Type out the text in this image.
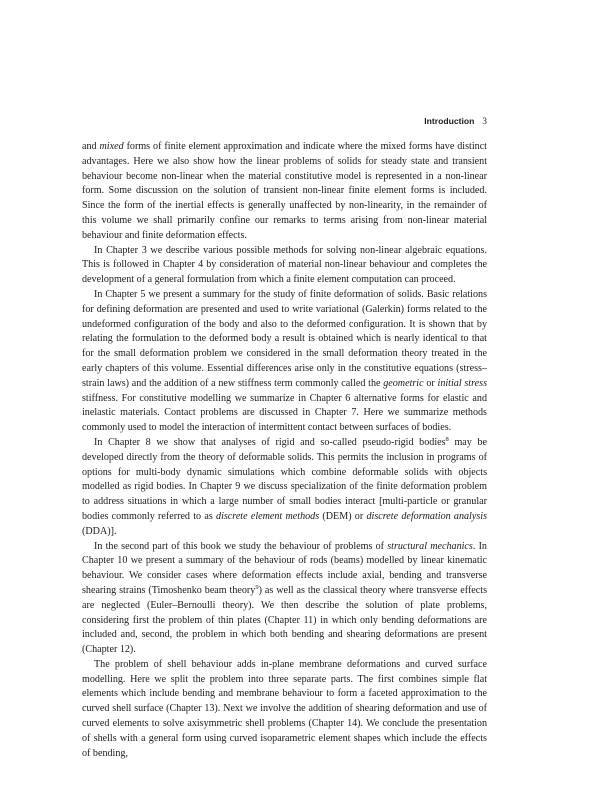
Introduction 3

and mixed forms of finite element approximation and indicate where the mixed forms have distinct advantages. Here we also show how the linear problems of solids for steady state and transient behaviour become non-linear when the material constitutive model is represented in a non-linear form. Some discussion on the solution of transient non-linear finite element forms is included. Since the form of the inertial effects is generally unaffected by non-linearity, in the remainder of this volume we shall primarily confine our remarks to terms arising from non-linear material behaviour and finite deformation effects.

In Chapter 3 we describe various possible methods for solving non-linear algebraic equations. This is followed in Chapter 4 by consideration of material non-linear behaviour and completes the development of a general formulation from which a finite element computation can proceed.

In Chapter 5 we present a summary for the study of finite deformation of solids. Basic relations for defining deformation are presented and used to write variational (Galerkin) forms related to the undeformed configuration of the body and also to the deformed configuration. It is shown that by relating the formulation to the deformed body a result is obtained which is nearly identical to that for the small deformation problem we considered in the small deformation theory treated in the early chapters of this volume. Essential differences arise only in the constitutive equations (stress–strain laws) and the addition of a new stiffness term commonly called the geometric or initial stress stiffness. For constitutive modelling we summarize in Chapter 6 alternative forms for elastic and inelastic materials. Contact problems are discussed in Chapter 7. Here we summarize methods commonly used to model the interaction of intermittent contact between surfaces of bodies.

In Chapter 8 we show that analyses of rigid and so-called pseudo-rigid bodies$^8$ may be developed directly from the theory of deformable solids. This permits the inclusion in programs of options for multi-body dynamic simulations which combine deformable solids with objects modelled as rigid bodies. In Chapter 9 we discuss specialization of the finite deformation problem to address situations in which a large number of small bodies interact [multi-particle or granular bodies commonly referred to as discrete element methods (DEM) or discrete deformation analysis (DDA)].

In the second part of this book we study the behaviour of problems of structural mechanics. In Chapter 10 we present a summary of the behaviour of rods (beams) modelled by linear kinematic behaviour. We consider cases where deformation effects include axial, bending and transverse shearing strains (Timoshenko beam theory$^9$) as well as the classical theory where transverse effects are neglected (Euler–Bernoulli theory). We then describe the solution of plate problems, considering first the problem of thin plates (Chapter 11) in which only bending deformations are included and, second, the problem in which both bending and shearing deformations are present (Chapter 12).

The problem of shell behaviour adds in-plane membrane deformations and curved surface modelling. Here we split the problem into three separate parts. The first combines simple flat elements which include bending and membrane behaviour to form a faceted approximation to the curved shell surface (Chapter 13). Next we involve the addition of shearing deformation and use of curved elements to solve axisymmetric shell problems (Chapter 14). We conclude the presentation of shells with a general form using curved isoparametric element shapes which include the effects of bending,
